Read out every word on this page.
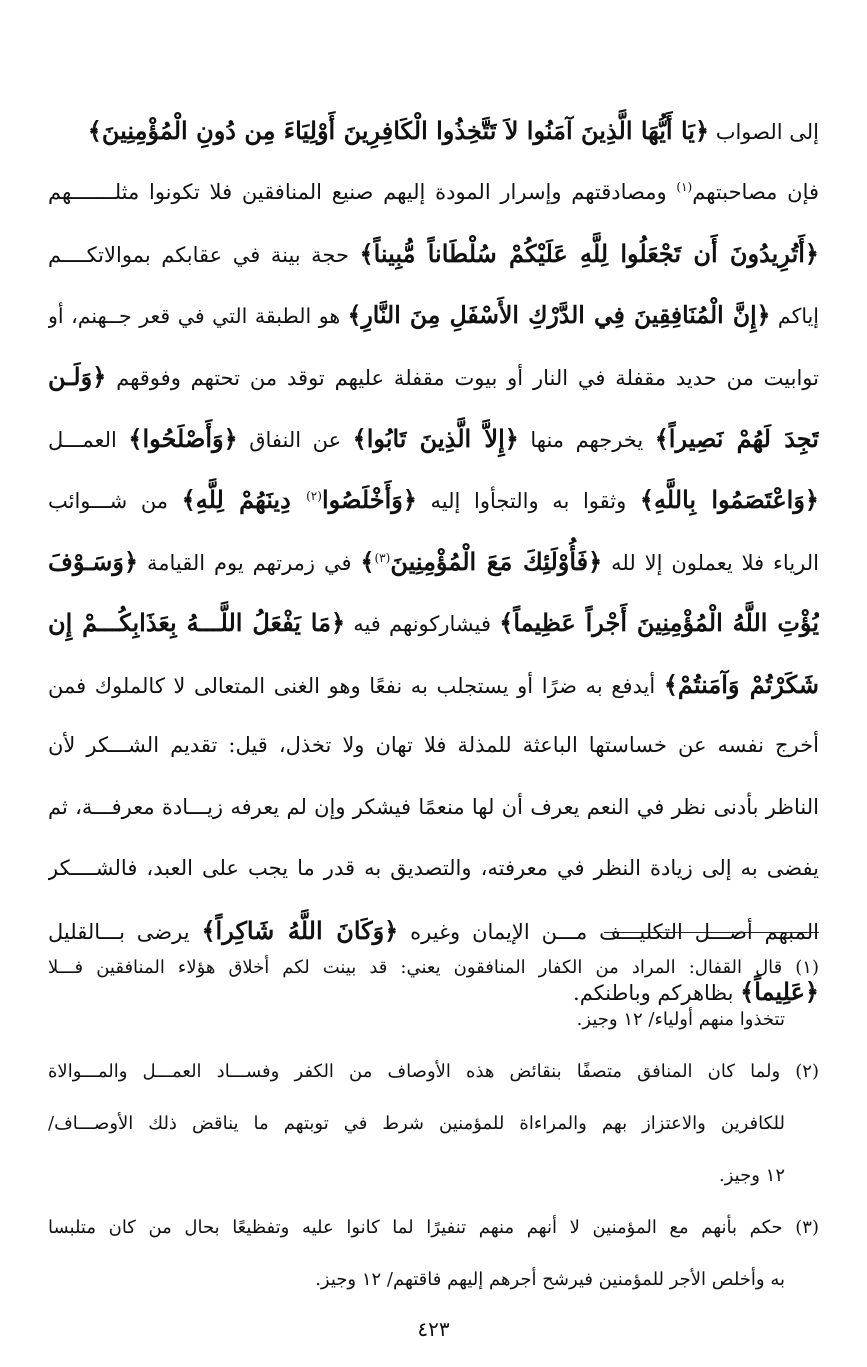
إلى الصواب ﴿يَا أَيُّهَا الَّذِينَ آمَنُوا لاَ تَتَّخِذُوا الْكَافِرِينَ أَوْلِيَاءَ مِن دُونِ الْمُؤْمِنِينَ﴾

فإن مصاحبتهم$^{(١)}$ ومصادقتهم وإسرار المودة إليهم صنيع المنافقين فلا تكونوا مثلـــــــهم

﴿أَتُرِيدُونَ أَن تَجْعَلُوا لِلَّهِ عَلَيْكُمْ سُلْطَاناً مُّبِيناً﴾ حجة بينة في عقابكم بموالاتكــــم

إياكم ﴿إِنَّ الْمُنَافِقِينَ فِي الدَّرْكِ الأَسْفَلِ مِنَ النَّارِ﴾ هو الطبقة التي في قعر جــهنم، أو

توابيت من حديد مقفلة في النار أو بيوت مقفلة عليهم توقد من تحتهم وفوقهم ﴿وَلَـن

تَجِدَ لَهُمْ نَصِيراً﴾ يخرجهم منها ﴿إِلاَّ الَّذِينَ تَابُوا﴾ عن النفاق ﴿وَأَصْلَحُوا﴾ العمـــل

﴿وَاعْتَصَمُوا بِاللَّهِ﴾ وثقوا به والتجأوا إليه ﴿وَأَخْلَصُوا$^{(٢)}$ دِينَهُمْ لِلَّهِ﴾ من شـــوائب

الرياء فلا يعملون إلا لله ﴿فَأُوْلَئِكَ مَعَ الْمُؤْمِنِينَ$^{(٣)}$﴾ في زمرتهم يوم القيامة ﴿وَسَـوْفَ

يُؤْتِ اللَّهُ الْمُؤْمِنِينَ أَجْراً عَظِيماً﴾ فيشاركونهم فيه ﴿مَا يَفْعَلُ اللَّـــهُ بِعَذَابِكُـــمْ إِن

شَكَرْتُمْ وَآمَنتُمْ﴾ أيدفع به ضرًا أو يستجلب به نفعًا وهو الغنى المتعالى لا كالملوك فمن

أخرج نفسه عن خساستها الباعثة للمذلة فلا تهان ولا تخذل، قيل: تقديم الشـــكر لأن

الناظر بأدنى نظر في النعم يعرف أن لها منعمًا فيشكر وإن لم يعرفه زيـــادة معرفـــة، ثم

يفضى به إلى زيادة النظر في معرفته، والتصديق به قدر ما يجب على العبد، فالشــــكر

المبهم أصـــل التكليـــف مـــن الإيمان وغيره ﴿وَكَانَ اللَّهُ شَاكِراً﴾ يرضى بـــالقليل

﴿عَلِيماً﴾ بظاهركم وباطنكم.

(١) قال القفال: المراد من الكفار المنافقون يعني: قد بينت لكم أخلاق هؤلاء المنافقين فـــلا

تتخذوا منهم أولياء/ ١٢ وجيز.

(٢) ولما كان المنافق متصفًا بنقائض هذه الأوصاف من الكفر وفســـاد العمـــل والمـــوالاة

للكافرين والاعتزاز بهم والمراءاة للمؤمنين شرط في توبتهم ما يناقض ذلك الأوصـــاف/

١٢ وجيز.

(٣) حكم بأنهم مع المؤمنين لا أنهم منهم تنفيرًا لما كانوا عليه وتفظيعًا بحال من كان متلبسا

به وأخلص الأجر للمؤمنين فيرشح أجرهم إليهم فاقتهم/ ١٢ وجيز.

٤٢٣
